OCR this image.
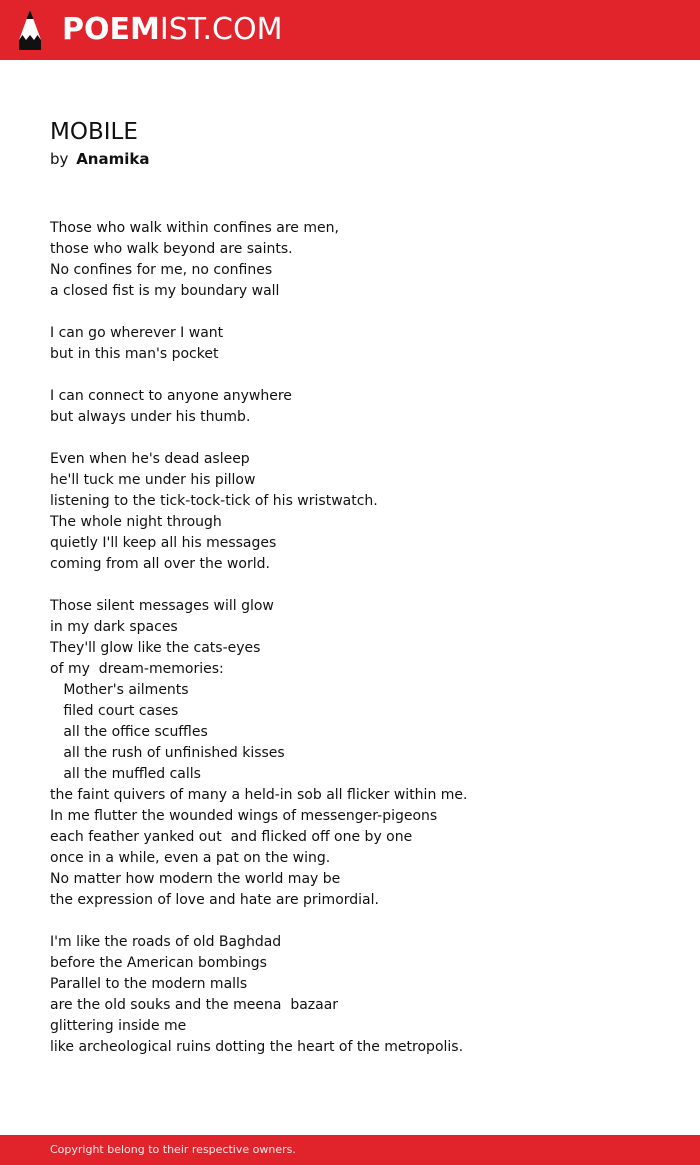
POEMIST.COM
MOBILE
by Anamika
Those who walk within confines are men,
those who walk beyond are saints.
No confines for me, no confines
a closed fist is my boundary wall
I can go wherever I want
but in this man's pocket
I can connect to anyone anywhere
but always under his thumb.
Even when he's dead asleep
he'll tuck me under his pillow
listening to the tick-tock-tick of his wristwatch.
The whole night through
quietly I'll keep all his messages
coming from all over the world.
Those silent messages will glow
in my dark spaces
They'll glow like the cats-eyes
of my  dream-memories:
Mother's ailments
filed court cases
all the office scuffles
all the rush of unfinished kisses
all the muffled calls
the faint quivers of many a held-in sob all flicker within me.
In me flutter the wounded wings of messenger-pigeons
each feather yanked out  and flicked off one by one
once in a while, even a pat on the wing.
No matter how modern the world may be
the expression of love and hate are primordial.
I'm like the roads of old Baghdad
before the American bombings
Parallel to the modern malls
are the old souks and the meena  bazaar
glittering inside me
like archeological ruins dotting the heart of the metropolis.
Copyright belong to their respective owners.
